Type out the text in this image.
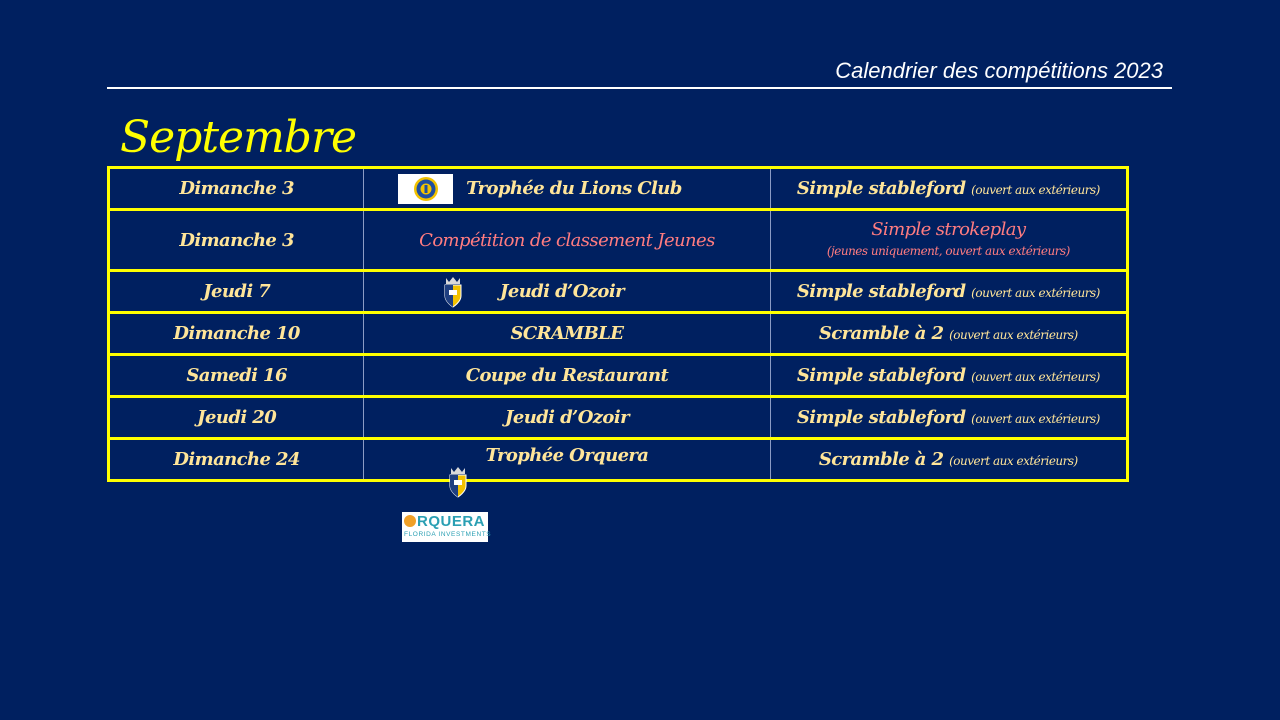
Calendrier des compétitions 2023
Septembre
Dimanche 3	Trophée du Lions Club	Simple stableford (ouvert aux extérieurs)
Dimanche 3	Compétition de classement Jeunes	Simple strokeplay
(jeunes uniquement, ouvert aux extérieurs)

Jeudi 7	Jeudi d’Ozoir	Simple stableford (ouvert aux extérieurs)
Dimanche 10	SCRAMBLE	Scramble à 2 (ouvert aux extérieurs)
Samedi 16	Coupe du Restaurant	Simple stableford (ouvert aux extérieurs)
Jeudi 20	Jeudi d’Ozoir	Simple stableford (ouvert aux extérieurs)
Dimanche 24	Trophée Orquera	Scramble à 2 (ouvert aux extérieurs)
RQUERA
FLORIDA INVESTMENTS
